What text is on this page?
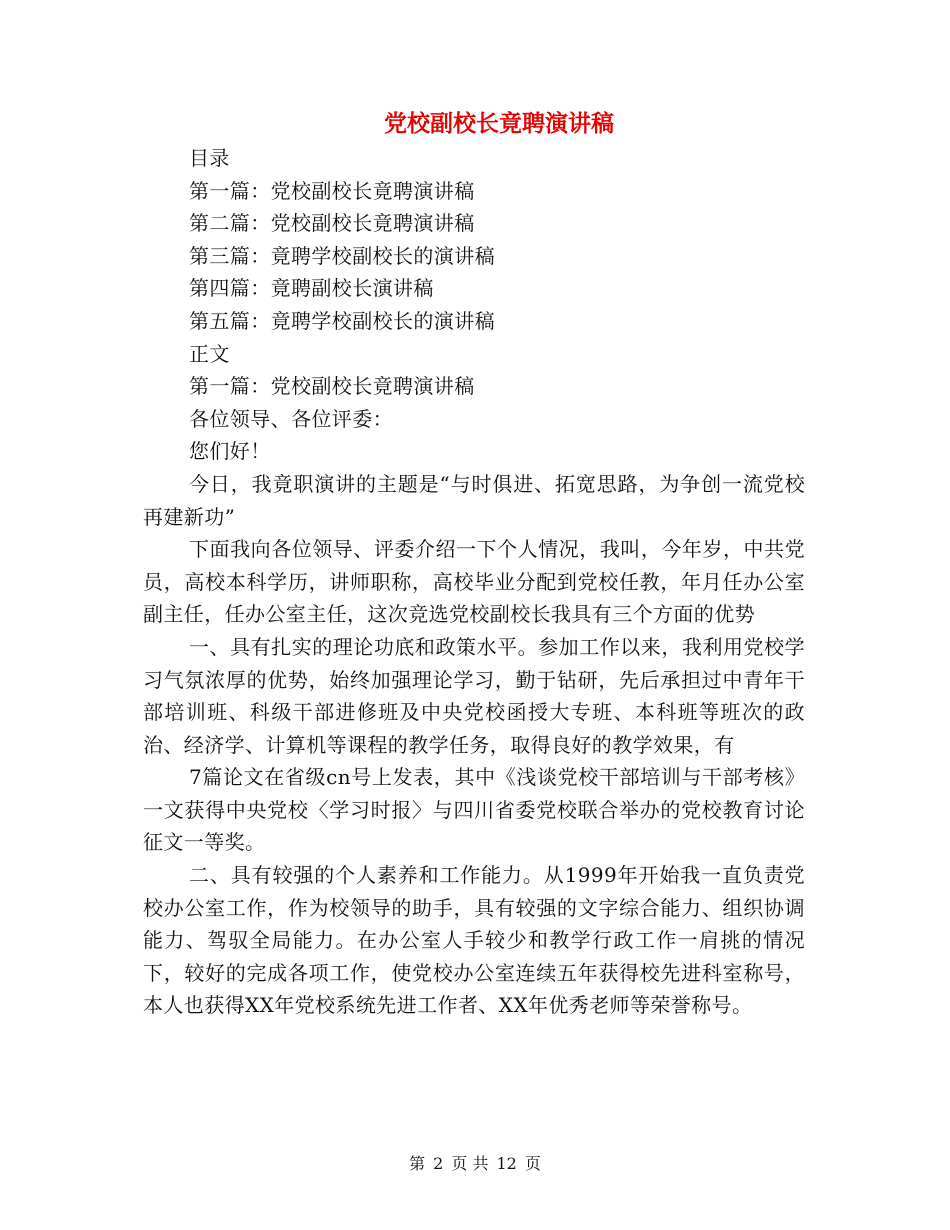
党校副校长竟聘演讲稿

目录

第一篇：党校副校长竟聘演讲稿

第二篇：党校副校长竟聘演讲稿

第三篇：竟聘学校副校长的演讲稿

第四篇：竟聘副校长演讲稿

第五篇：竟聘学校副校长的演讲稿

正文

第一篇：党校副校长竟聘演讲稿

各位领导、各位评委：

您们好！

今日，我竟职演讲的主题是“与时俱进、拓宽思路，为争创一流党校再建新功”

下面我向各位领导、评委介绍一下个人情况，我叫，今年岁，中共党员，高校本科学历，讲师职称，高校毕业分配到党校任教，年月任办公室副主任，任办公室主任，这次竞选党校副校长我具有三个方面的优势

一、具有扎实的理论功底和政策水平。参加工作以来，我利用党校学习气氛浓厚的优势，始终加强理论学习，勤于钻研，先后承担过中青年干部培训班、科级干部进修班及中央党校函授大专班、本科班等班次的政治、经济学、计算机等课程的教学任务，取得良好的教学效果，有

7篇论文在省级cn号上发表，其中《浅谈党校干部培训与干部考核》一文获得中央党校〈学习时报〉与四川省委党校联合举办的党校教育讨论征文一等奖。

二、具有较强的个人素养和工作能力。从1999年开始我一直负责党校办公室工作，作为校领导的助手，具有较强的文字综合能力、组织协调能力、驾驭全局能力。在办公室人手较少和教学行政工作一肩挑的情况下，较好的完成各项工作，使党校办公室连续五年获得校先进科室称号，本人也获得XX年党校系统先进工作者、XX年优秀老师等荣誉称号。

第 2 页 共 12 页
